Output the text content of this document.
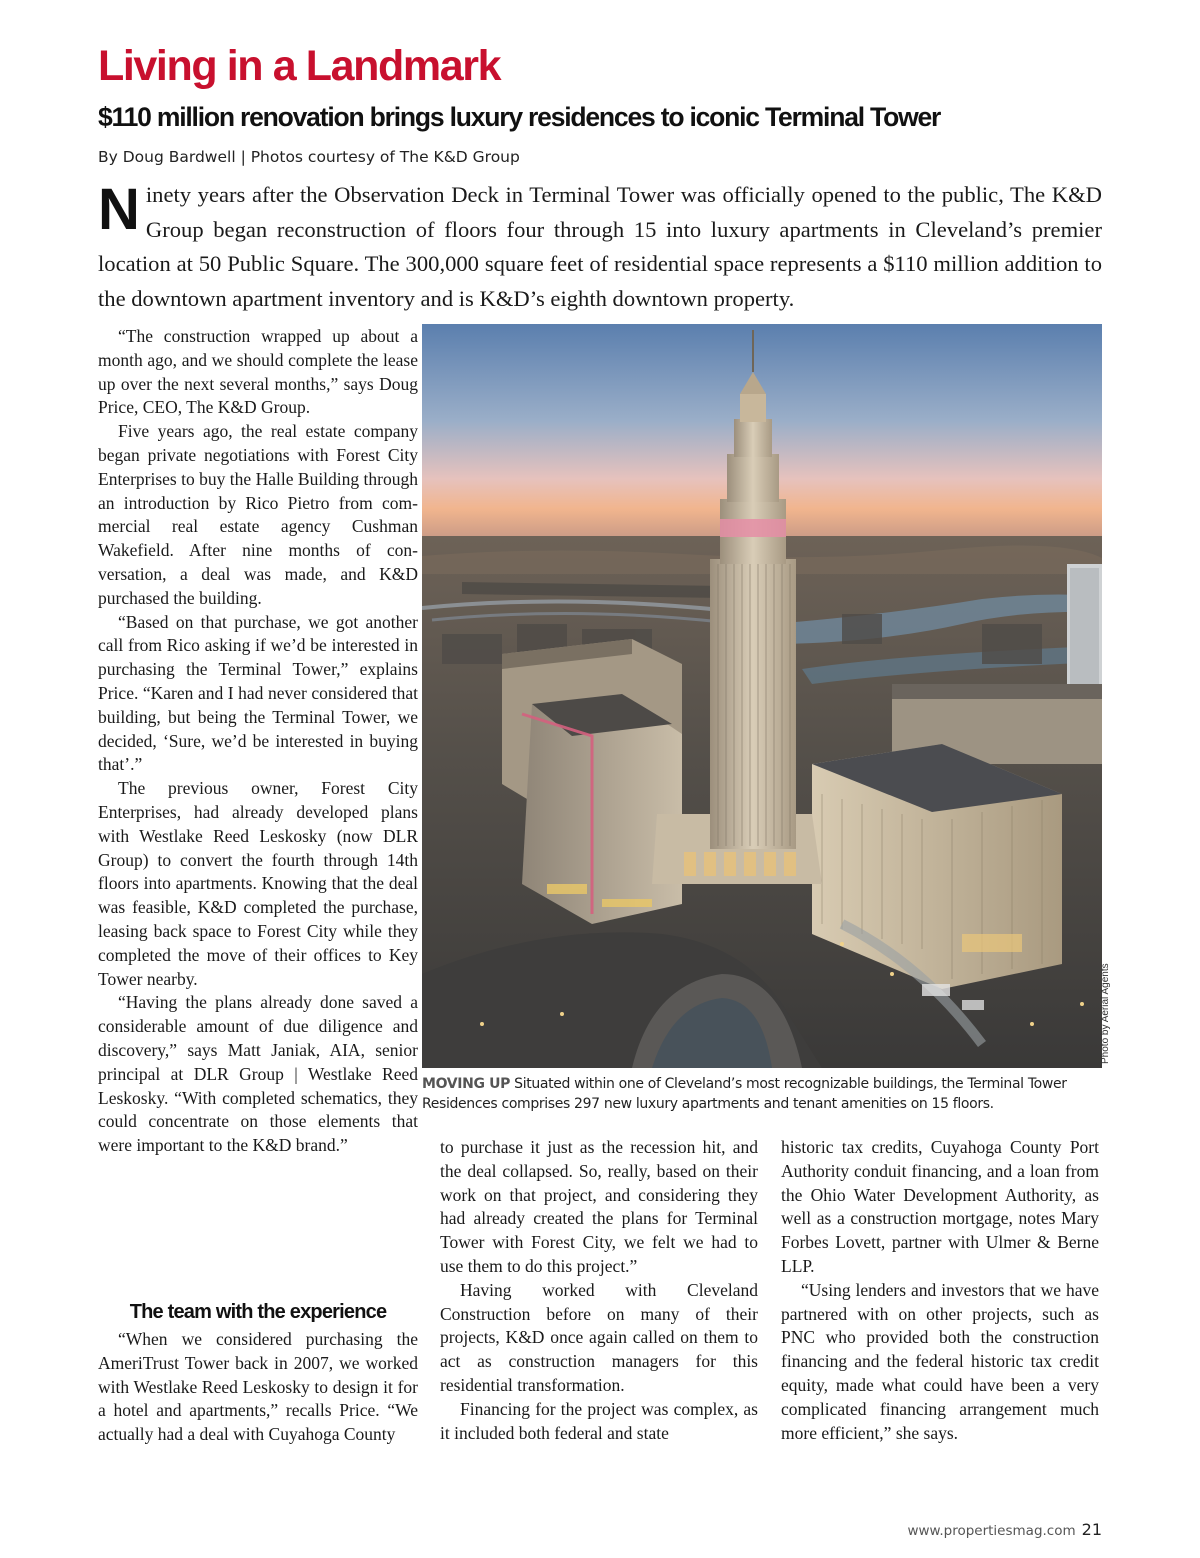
Living in a Landmark
$110 million renovation brings luxury residences to iconic Terminal Tower
By Doug Bardwell | Photos courtesy of The K&D Group

Ninety years after the Observation Deck in Terminal Tower was officially opened to the public, The K&D Group began reconstruction of floors four through 15 into luxury apartments in Cleveland’s premier location at 50 Public Square. The 300,000 square feet of residential space represents a $110 million addition to the downtown apartment inventory and is K&D’s eighth downtown property.

“The construction wrapped up about a month ago, and we should complete the lease up over the next several months,” says Doug Price, CEO, The K&D Group.

Five years ago, the real estate company began private negotiations with Forest City Enterprises to buy the Halle Building through an introduction by Rico Pietro from commercial real estate agency Cushman Wakefield. After nine months of conversation, a deal was made, and K&D purchased the building.

“Based on that purchase, we got another call from Rico asking if we’d be interested in purchasing the Terminal Tower,” explains Price. “Karen and I had never considered that building, but being the Terminal Tower, we decided, ‘Sure, we’d be interested in buying that’.”

The previous owner, Forest City Enterprises, had already developed plans with Westlake Reed Leskosky (now DLR Group) to convert the fourth through 14th floors into apartments. Knowing that the deal was feasible, K&D completed the purchase, leasing back space to Forest City while they completed the move of their offices to Key Tower nearby.

“Having the plans already done saved a considerable amount of due diligence and discovery,” says Matt Janiak, AIA, senior principal at DLR Group | Westlake Reed Leskosky. “With completed schematics, they could concentrate on those elements that were important to the K&D brand.”

The team with the experience

“When we considered purchasing the AmeriTrust Tower back in 2007, we worked with Westlake Reed Leskosky to design it for a hotel and apartments,” recalls Price. “We actually had a deal with Cuyahoga County

to purchase it just as the recession hit, and the deal collapsed. So, really, based on their work on that project, and considering they had already created the plans for Terminal Tower with Forest City, we felt we had to use them to do this project.”

Having worked with Cleveland Construction before on many of their projects, K&D once again called on them to act as construction managers for this residential transformation.

Financing for the project was complex, as it included both federal and state

historic tax credits, Cuyahoga County Port Authority conduit financing, and a loan from the Ohio Water Development Authority, as well as a construction mortgage, notes Mary Forbes Lovett, partner with Ulmer & Berne LLP.

“Using lenders and investors that we have partnered with on other projects, such as PNC who provided both the construction financing and the federal historic tax credit equity, made what could have been a very complicated financing arrangement much more efficient,” she says.

Photo by Aerial Agents
MOVING UP Situated within one of Cleveland’s most recognizable buildings, the Terminal Tower Residences comprises 297 new luxury apartments and tenant amenities on 15 floors.
www.propertiesmag.com 21
